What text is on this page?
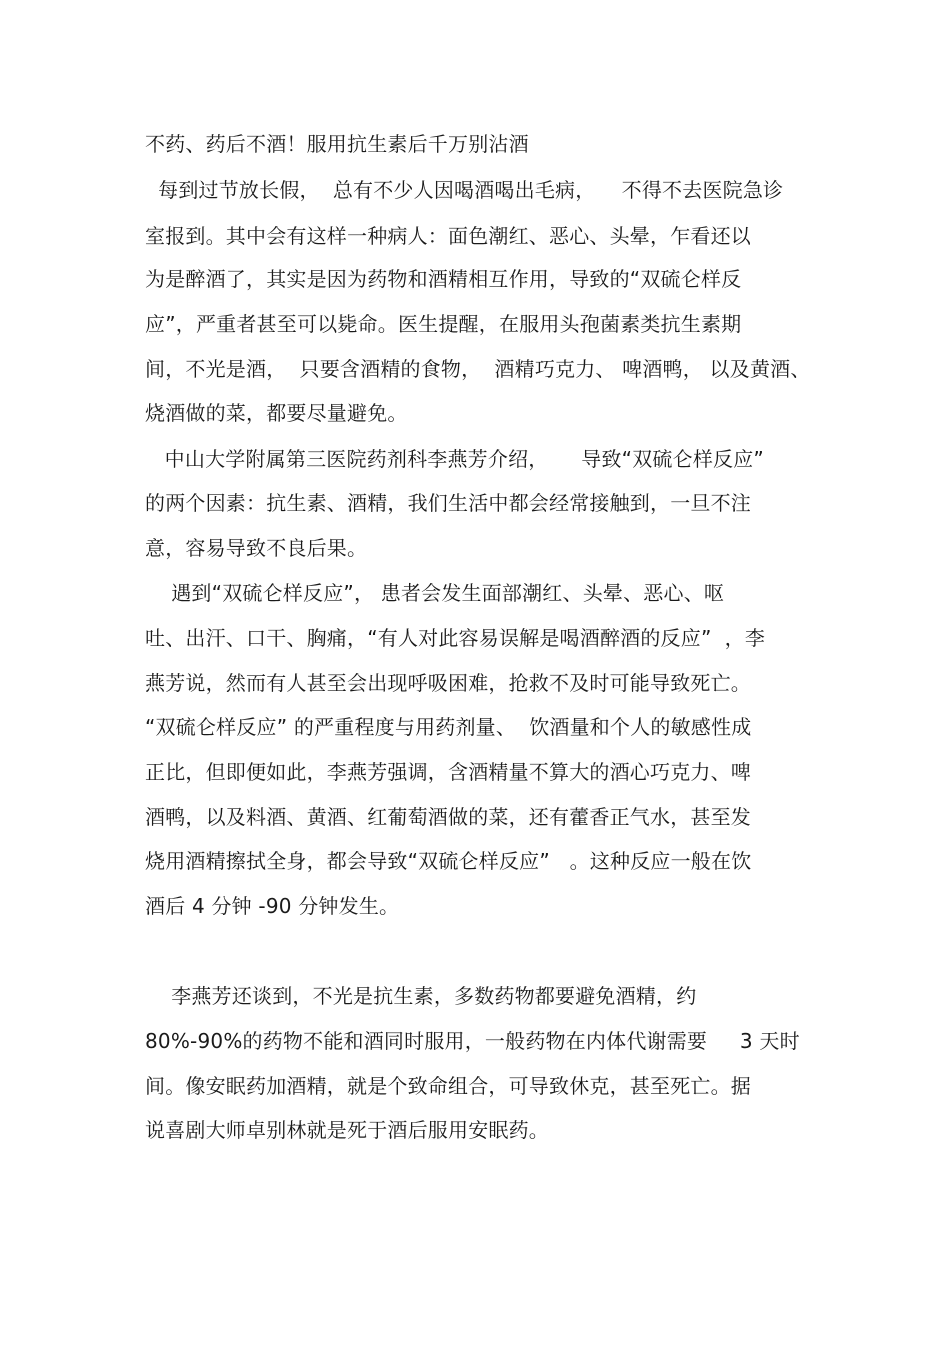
不药、药后不酒！服用抗生素后千万别沾酒
每到过节放长假，  总有不少人因喝酒喝出毛病，    不得不去医院急诊
室报到。其中会有这样一种病人：面色潮红、恶心、头晕，乍看还以
为是醉酒了，其实是因为药物和酒精相互作用，导致的“双硫仑样反
应”，严重者甚至可以毙命。医生提醒，在服用头孢菌素类抗生素期
间，不光是酒，  只要含酒精的食物，  酒精巧克力、 啤酒鸭， 以及黄酒、
烧酒做的菜，都要尽量避免。
中山大学附属第三医院药剂科李燕芳介绍，     导致“双硫仑样反应”
的两个因素：抗生素、酒精，我们生活中都会经常接触到，一旦不注
意，容易导致不良后果。
遇到“双硫仑样反应”， 患者会发生面部潮红、头晕、恶心、呕
吐、出汗、口干、胸痛，“有人对此容易误解是喝酒醉酒的反应”  ，李
燕芳说，然而有人甚至会出现呼吸困难，抢救不及时可能导致死亡。
“双硫仑样反应” 的严重程度与用药剂量、  饮酒量和个人的敏感性成
正比，但即便如此，李燕芳强调，含酒精量不算大的酒心巧克力、啤
酒鸭，以及料酒、黄酒、红葡萄酒做的菜，还有藿香正气水，甚至发
烧用酒精擦拭全身，都会导致“双硫仑样反应”   。这种反应一般在饮
酒后 4 分钟 -90 分钟发生。
李燕芳还谈到，不光是抗生素，多数药物都要避免酒精，约
80%-90%的药物不能和酒同时服用，一般药物在内体代谢需要     3 天时
间。像安眠药加酒精，就是个致命组合，可导致休克，甚至死亡。据
说喜剧大师卓别林就是死于酒后服用安眠药。
